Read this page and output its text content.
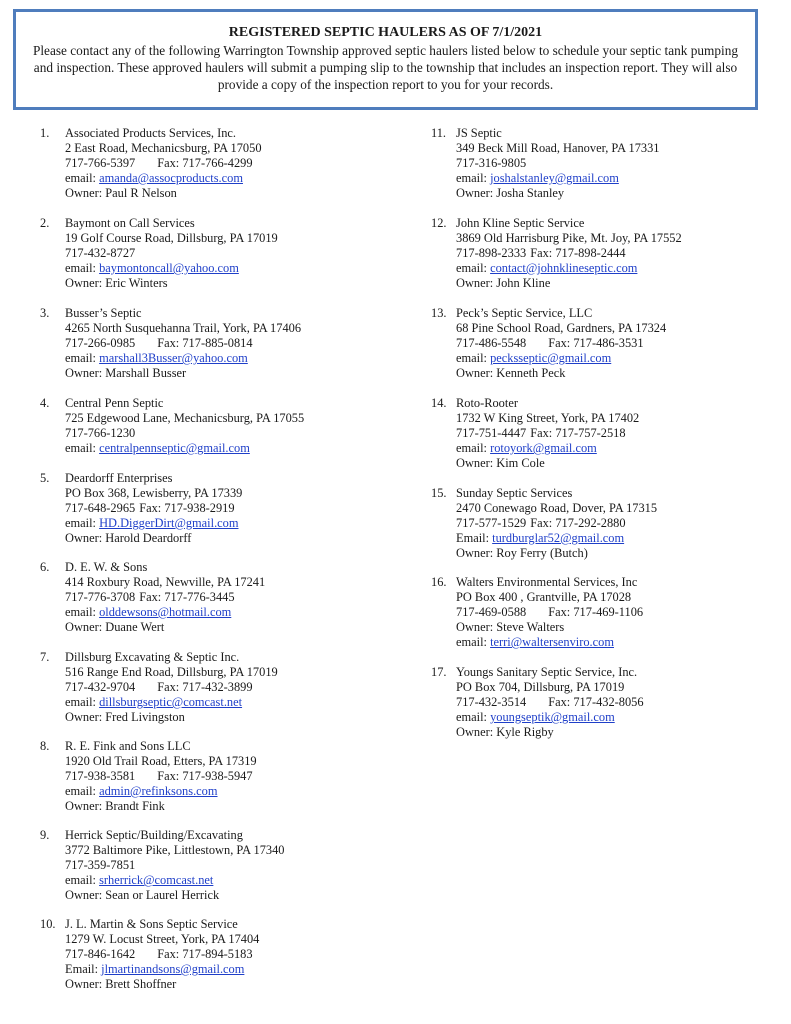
REGISTERED SEPTIC HAULERS AS OF 7/1/2021
Please contact any of the following Warrington Township approved septic haulers listed below to schedule your septic tank pumping and inspection. These approved haulers will submit a pumping slip to the township that includes an inspection report. They will also provide a copy of the inspection report to you for your records.
1.	Associated Products Services, Inc.
2 East Road, Mechanicsburg, PA 17050
717-766-5397 Fax: 717-766-4299
email: amanda@assocproducts.com
Owner: Paul R Nelson
2.	Baymont on Call Services
19 Golf Course Road, Dillsburg, PA 17019
717-432-8727
email: baymontoncall@yahoo.com
Owner: Eric Winters
3.	Busser’s Septic
4265 North Susquehanna Trail, York, PA 17406
717-266-0985 Fax: 717-885-0814
email: marshall3Busser@yahoo.com
Owner: Marshall Busser
4.	Central Penn Septic
725 Edgewood Lane, Mechanicsburg, PA 17055
717-766-1230
email: centralpennseptic@gmail.com
5.	Deardorff Enterprises
PO Box 368, Lewisberry, PA 17339
717-648-2965 Fax: 717-938-2919
email: HD.DiggerDirt@gmail.com
Owner: Harold Deardorff
6.	D. E. W. & Sons
414 Roxbury Road, Newville, PA 17241
717-776-3708 Fax: 717-776-3445
email: olddewsons@hotmail.com
Owner: Duane Wert
7.	Dillsburg Excavating & Septic Inc.
516 Range End Road, Dillsburg, PA 17019
717-432-9704 Fax: 717-432-3899
email: dillsburgseptic@comcast.net
Owner: Fred Livingston
8.	R. E. Fink and Sons LLC
1920 Old Trail Road, Etters, PA 17319
717-938-3581 Fax: 717-938-5947
email: admin@refinksons.com
Owner: Brandt Fink
9.	Herrick Septic/Building/Excavating
3772 Baltimore Pike, Littlestown, PA 17340
717-359-7851
email: srherrick@comcast.net
Owner: Sean or Laurel Herrick
10. J. L. Martin & Sons Septic Service
1279 W. Locust Street, York, PA 17404
717-846-1642 Fax: 717-894-5183
Email: jlmartinandsons@gmail.com
Owner: Brett Shoffner
11. JS Septic
349 Beck Mill Road, Hanover, PA 17331
717-316-9805
email: joshalstanley@gmail.com
Owner: Josha Stanley
12. John Kline Septic Service
3869 Old Harrisburg Pike, Mt. Joy, PA 17552
717-898-2333 Fax: 717-898-2444
email: contact@johnklineseptic.com
Owner: John Kline
13. Peck’s Septic Service, LLC
68 Pine School Road, Gardners, PA 17324
717-486-5548 Fax: 717-486-3531
email: pecksseptic@gmail.com
Owner: Kenneth Peck
14. Roto-Rooter
1732 W King Street, York, PA 17402
717-751-4447 Fax: 717-757-2518
email: rotoyork@gmail.com
Owner: Kim Cole
15. Sunday Septic Services
2470 Conewago Road, Dover, PA 17315
717-577-1529 Fax: 717-292-2880
Email: turdburglar52@gmail.com
Owner: Roy Ferry (Butch)
16. Walters Environmental Services, Inc
PO Box 400 , Grantville, PA 17028
717-469-0588 Fax: 717-469-1106
Owner: Steve Walters
email: terri@waltersenviro.com
17. Youngs Sanitary Septic Service, Inc.
PO Box 704, Dillsburg, PA 17019
717-432-3514 Fax: 717-432-8056
email: youngseptik@gmail.com
Owner: Kyle Rigby
